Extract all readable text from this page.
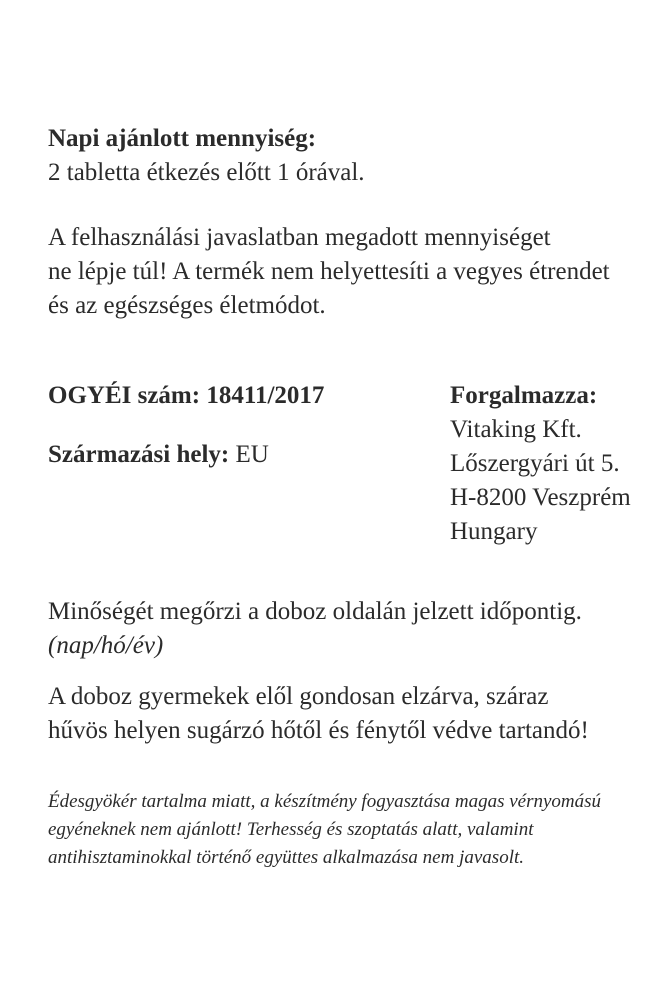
Napi ajánlott mennyiség:
2 tabletta étkezés előtt 1 órával.
A felhasználási javaslatban megadott mennyiséget
ne lépje túl! A termék nem helyettesíti a vegyes étrendet
és az egészséges életmódot.
OGYÉI szám: 18411/2017
Származási hely: EU
Forgalmazza:
Vitaking Kft.
Lőszergyári út 5.
H-8200 Veszprém
Hungary
Minőségét megőrzi a doboz oldalán jelzett időpontig.
(nap/hó/év)
A doboz gyermekek elől gondosan elzárva, száraz
hűvös helyen sugárzó hőtől és fénytől védve tartandó!
Édesgyökér tartalma miatt, a készítmény fogyasztása magas vérnyomású
egyéneknek nem ajánlott! Terhesség és szoptatás alatt, valamint
antihisztaminokkal történő együttes alkalmazása nem javasolt.
